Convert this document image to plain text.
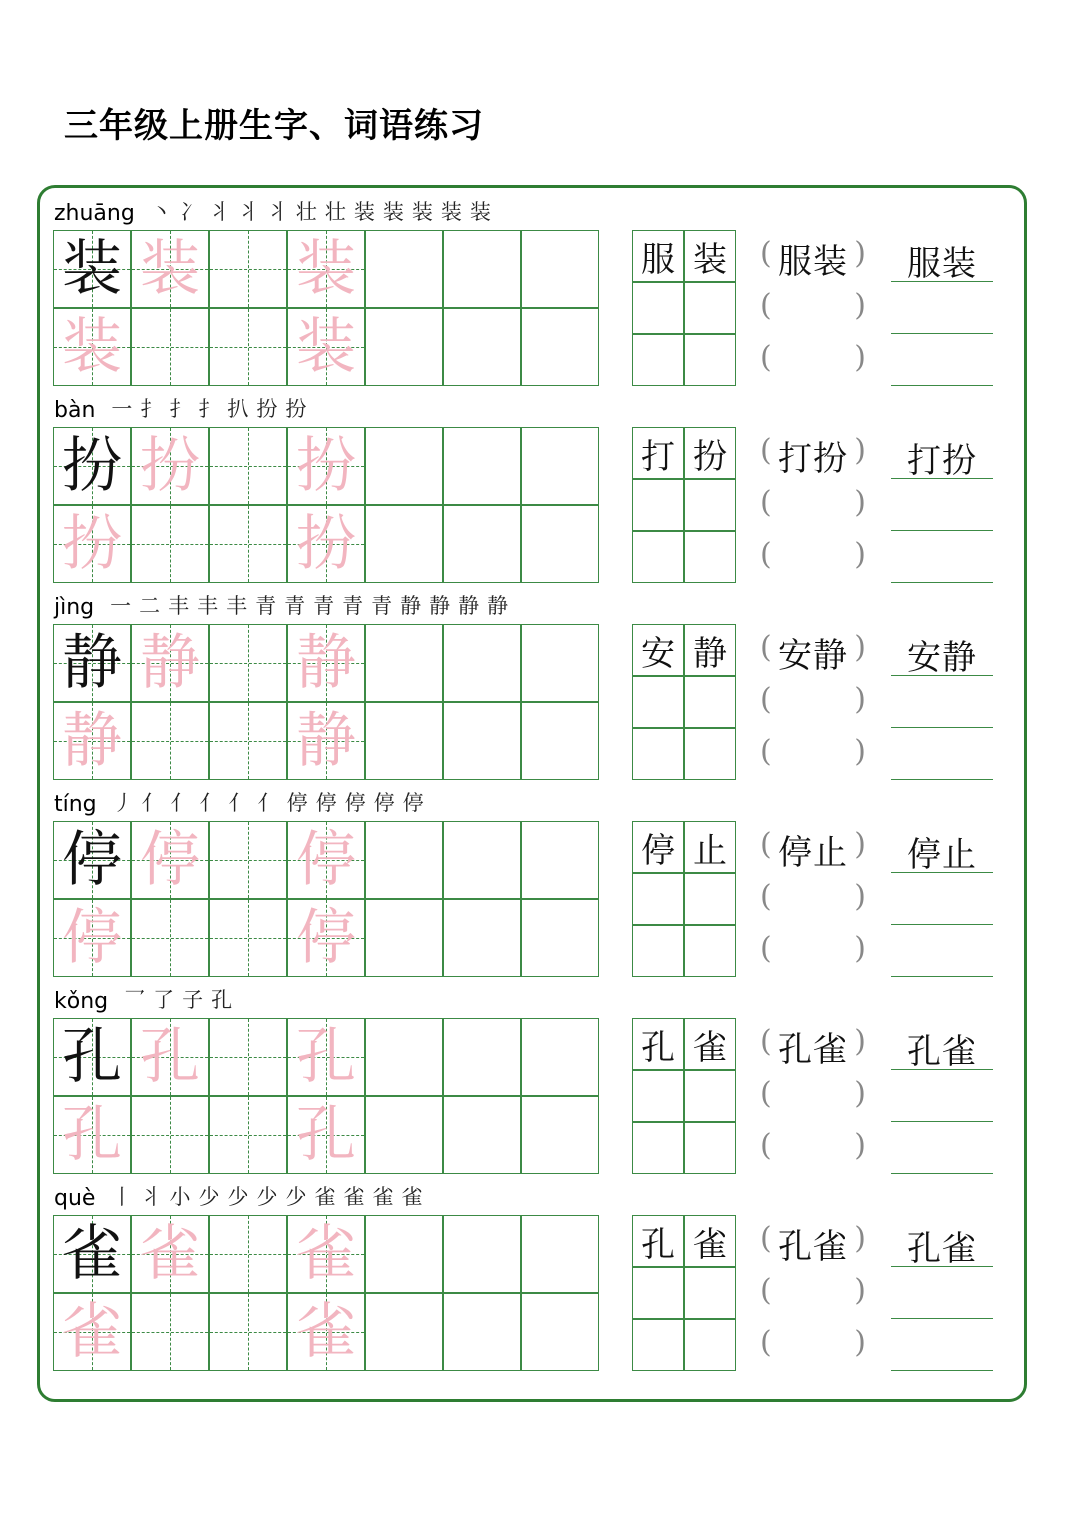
三年级上册生字、词语练习
zhuāng 丶 冫 丬 丬 丬 壮 壮 装 装 装 装 装
装 装 装
装	装
服 装 (	)
服装
(	)
(	)
服装
bàn 一 扌 扌 扌 扒 扮 扮
扮 扮 扮
扮	扮
打 扮 (	)
打扮
(	)
(	)
打扮
jìng 一 二 丰 丰 丰 青 青 青 青 青 静 静 静 静
静 静 静
静	静
安 静 (	)
安静
(	)
(	)
安静
tíng 丿 亻 亻 亻 亻 亻 停 停 停 停 停
停 停 停
停	停
停 止 (	)
停止
(	)
(	)
停止
kǒng 乛 了 子 孔
孔 孔 孔
孔	孔
孔 雀 (	)
孔雀
(	)
(	)
孔雀
què 丨 丬 小 少 少 少 少 雀 雀 雀 雀
雀 雀 雀
雀	雀
孔 雀 (	)
孔雀
(	)
(	)
孔雀
